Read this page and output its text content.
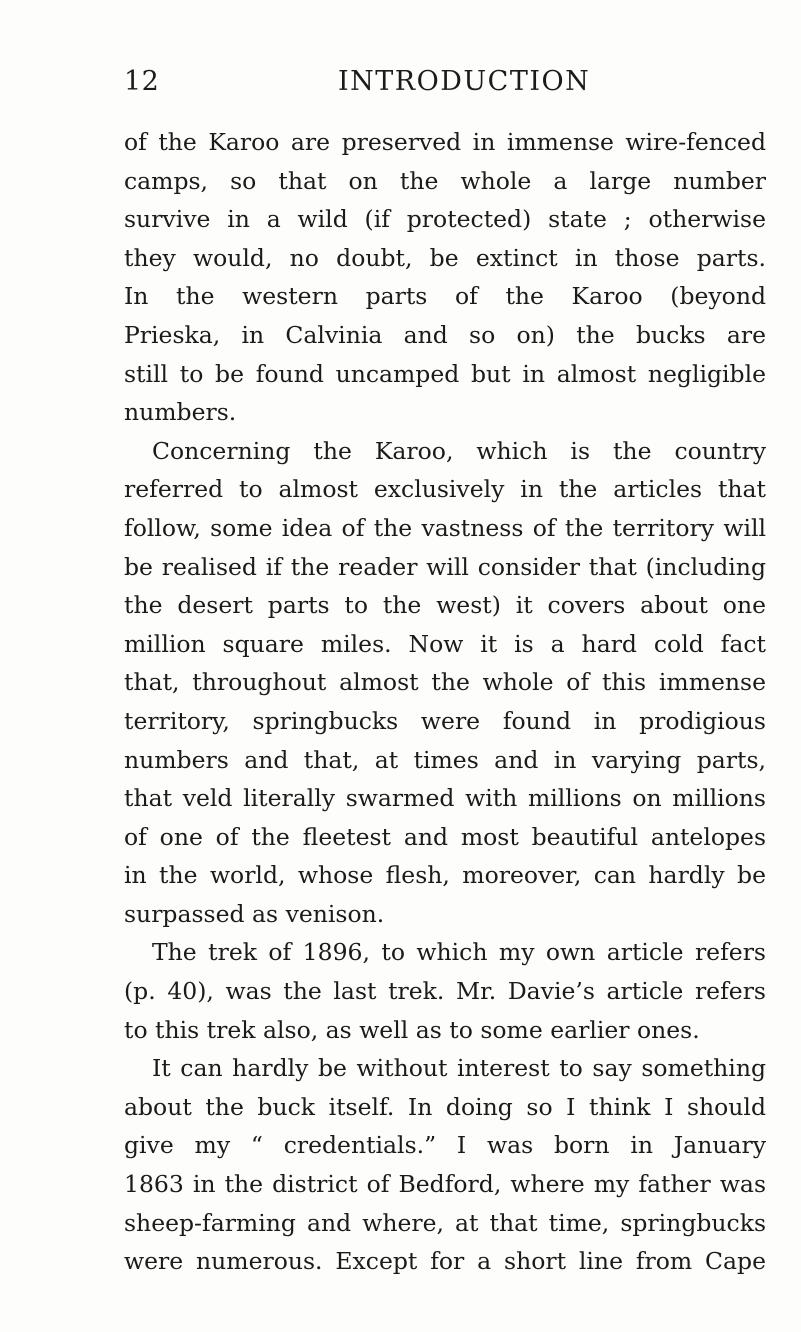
12	INTRODUCTION
of the Karoo are preserved in immense wire-fenced
camps, so that on the whole a large number
survive in a wild (if protected) state ; otherwise
they would, no doubt, be extinct in those parts.
In the western parts of the Karoo (beyond
Prieska, in Calvinia and so on) the bucks are
still to be found uncamped but in almost negligible
numbers.
Concerning the Karoo, which is the country
referred to almost exclusively in the articles that
follow, some idea of the vastness of the territory will
be realised if the reader will consider that (including
the desert parts to the west) it covers about one
million square miles. Now it is a hard cold fact
that, throughout almost the whole of this immense
territory, springbucks were found in prodigious
numbers and that, at times and in varying parts,
that veld literally swarmed with millions on millions
of one of the fleetest and most beautiful antelopes
in the world, whose flesh, moreover, can hardly be
surpassed as venison.
The trek of 1896, to which my own article refers
(p. 40), was the last trek. Mr. Davie’s article refers
to this trek also, as well as to some earlier ones.
It can hardly be without interest to say something
about the buck itself. In doing so I think I should
give my “ credentials.” I was born in January
1863 in the district of Bedford, where my father was
sheep-farming and where, at that time, springbucks
were numerous. Except for a short line from Cape
